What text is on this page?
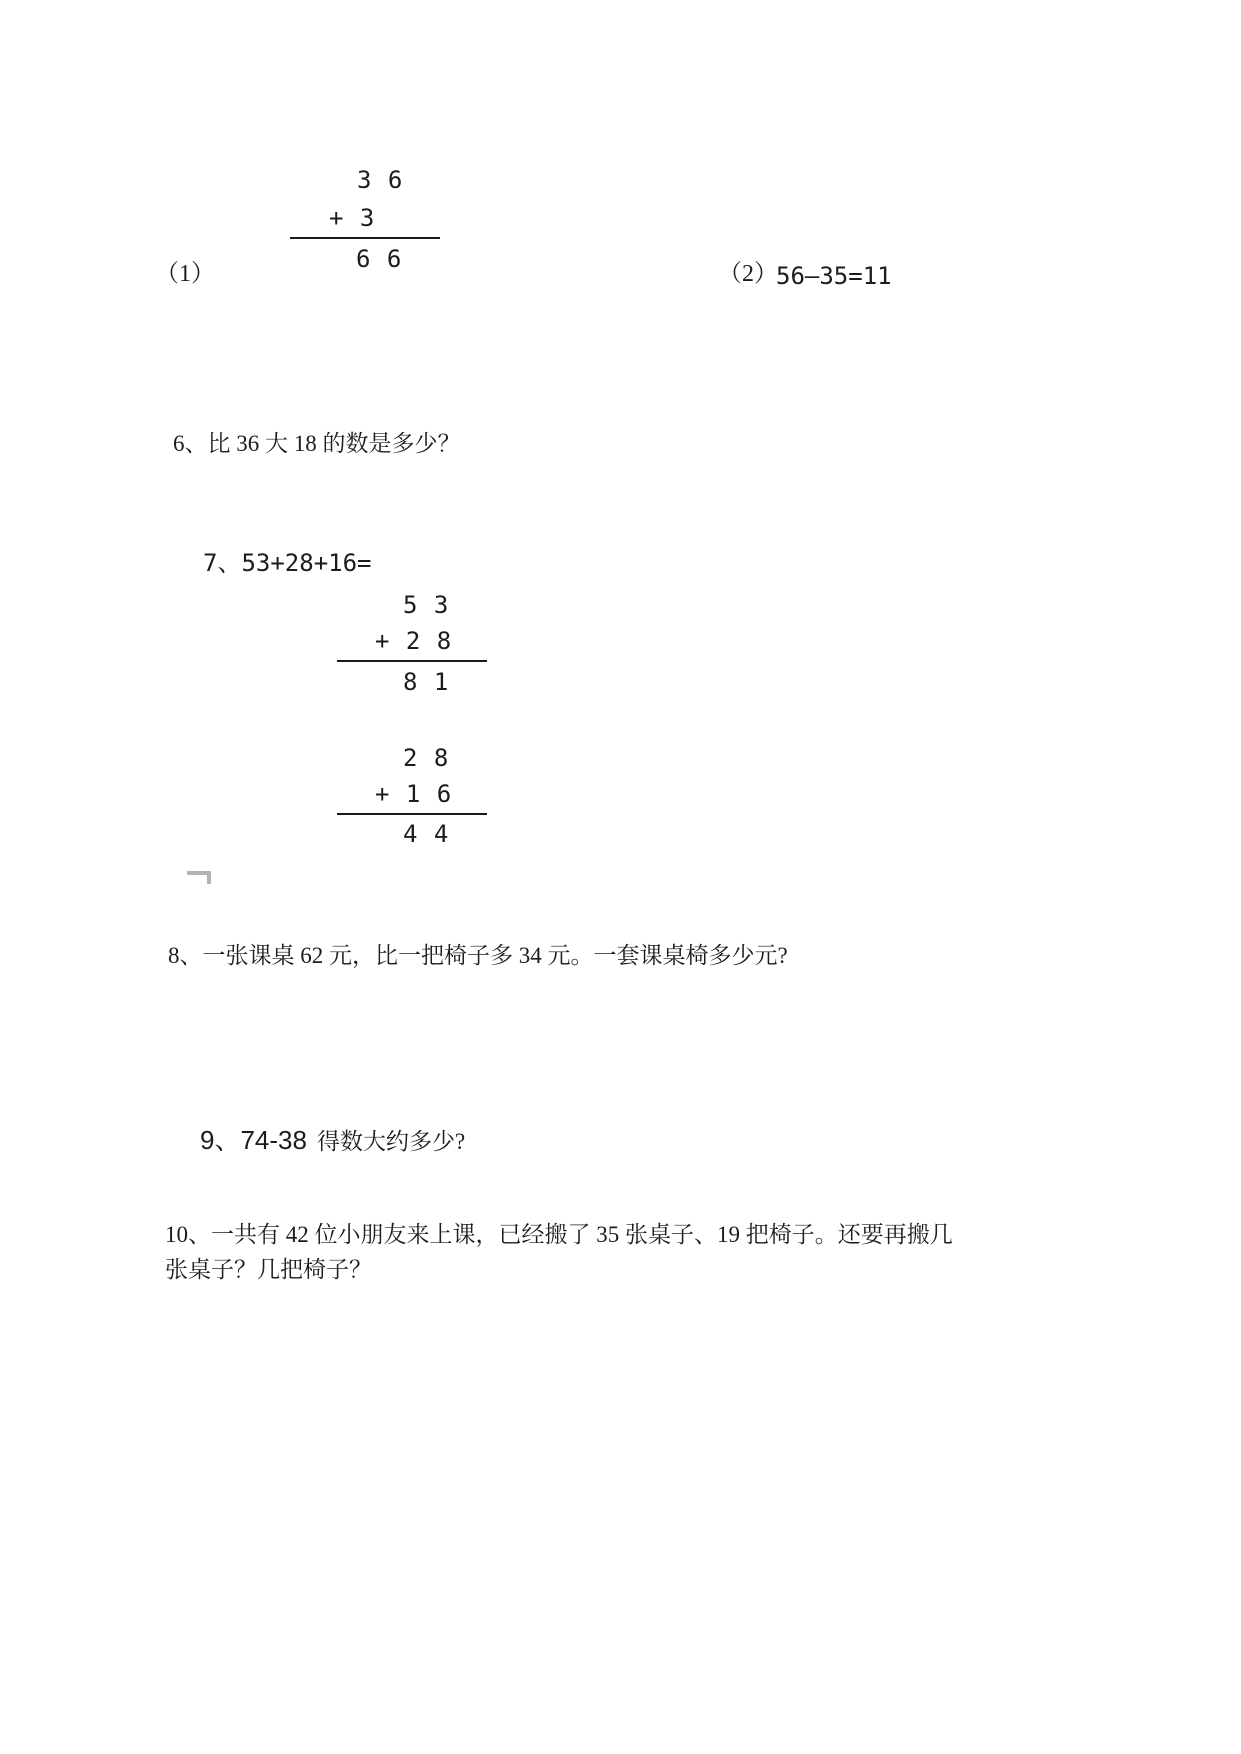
3 6
+ 3
6 6
（1）	（2）
56—35=11
6、比 36 大 18 的数是多少？
7、53+28+16=
5 3
+ 2 8
8 1
2 8
+ 1 6
4 4
8、一张课桌 62 元，比一把椅子多 34 元。一套课桌椅多少元?

9、74-38 得数大约多少?

10、一共有 42 位小朋友来上课，已经搬了 35 张桌子、19 把椅子。还要再搬几
张桌子？几把椅子？
